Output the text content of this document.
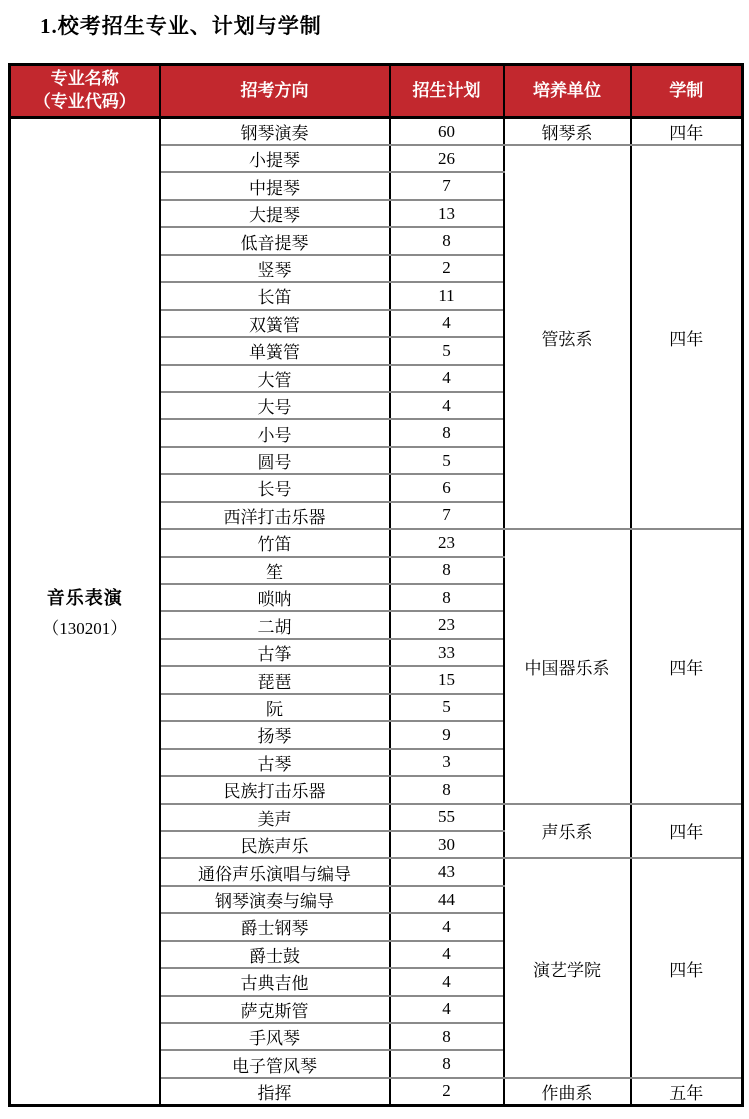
1.校考招生专业、计划与学制
专业名称
（专业代码）	招考方向	招生计划	培养单位	学制

音乐表演
（130201）	钢琴演奏	60	钢琴系	四年
	小提琴	26	管弦系	四年
	中提琴	7		
	大提琴	13		
	低音提琴	8		
	竖琴	2		
	长笛	11		
	双簧管	4		
	单簧管	5		
	大管	4		
	大号	4		
	小号	8		
	圆号	5		
	长号	6		
	西洋打击乐器	7		
	竹笛	23	中国器乐系	四年
	笙	8		
	唢呐	8		
	二胡	23		
	古筝	33		
	琵琶	15		
	阮	5		
	扬琴	9		
	古琴	3		
	民族打击乐器	8		
	美声	55	声乐系	四年
	民族声乐	30		
	通俗声乐演唱与编导	43	演艺学院	四年
	钢琴演奏与编导	44		
	爵士钢琴	4		
	爵士鼓	4		
	古典吉他	4		
	萨克斯管	4		
	手风琴	8		
	电子管风琴	8		
	指挥	2	作曲系	五年
